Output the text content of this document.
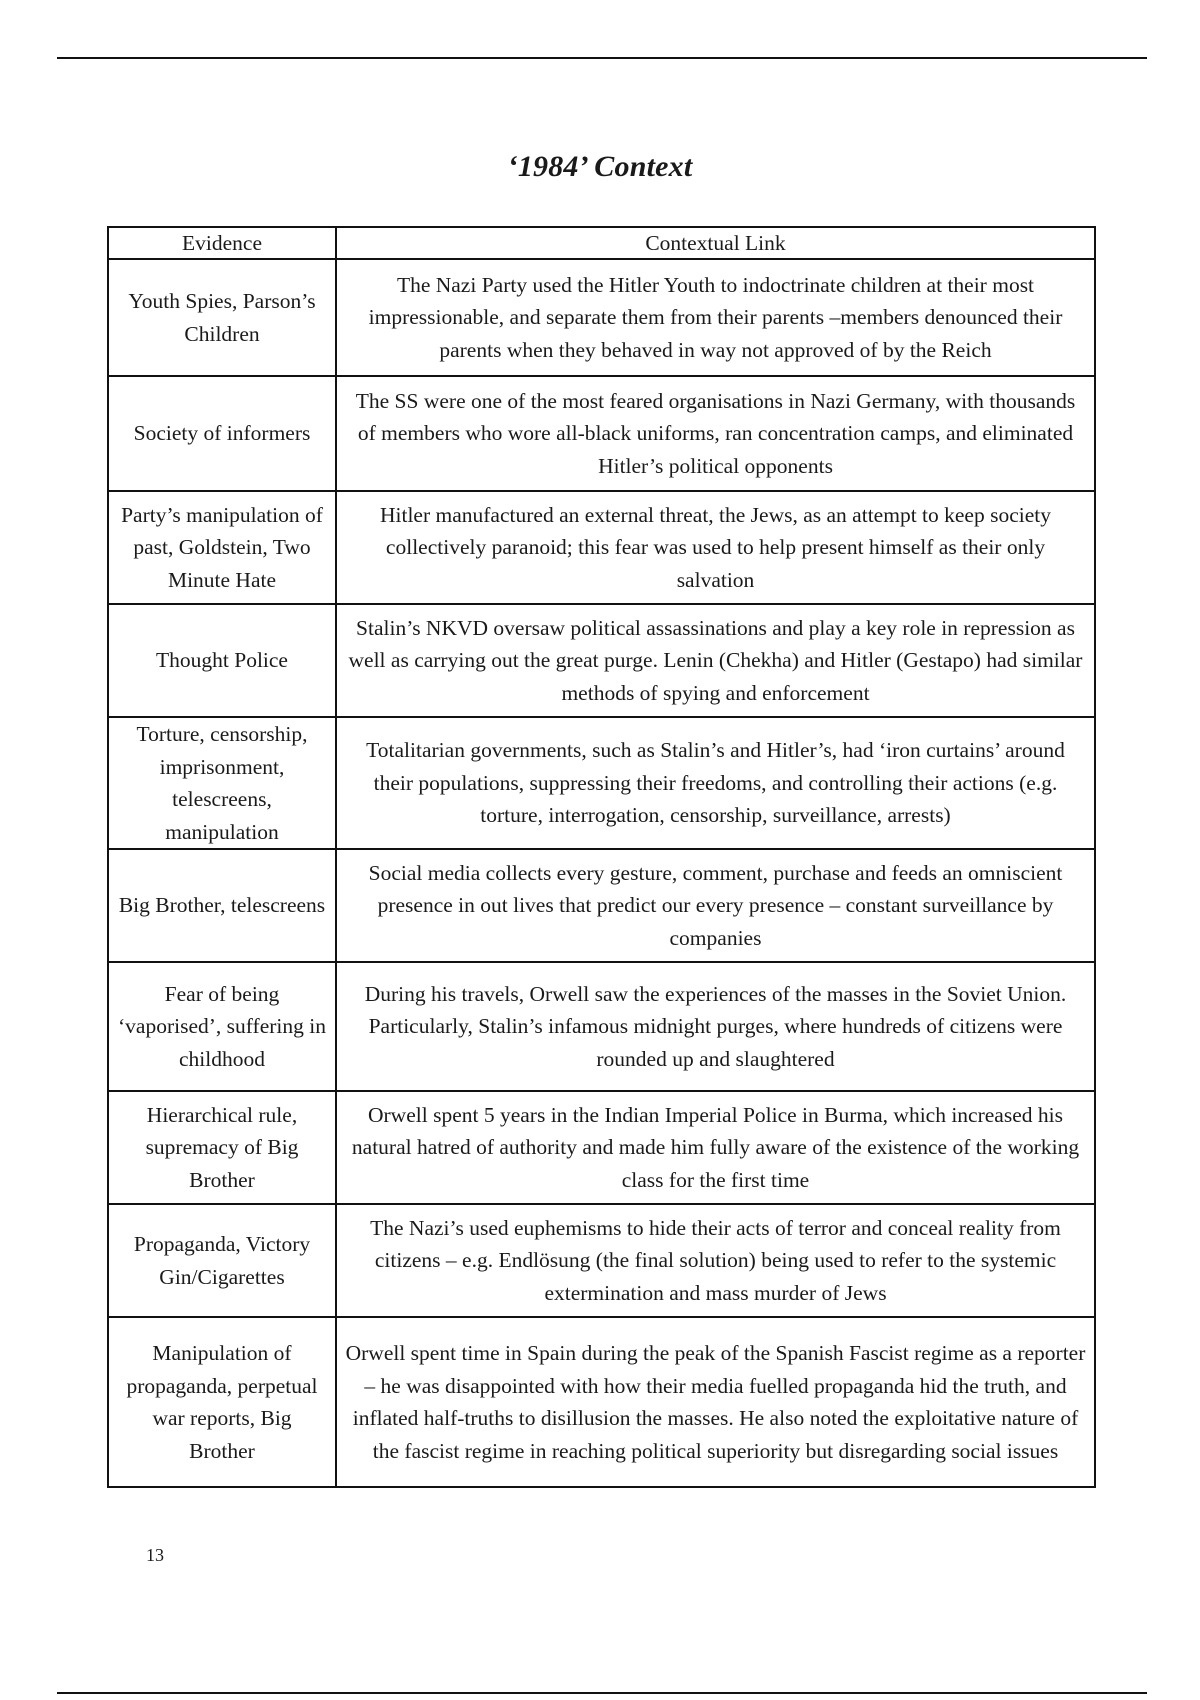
‘1984’ Context
Evidence	Contextual Link
Youth Spies, Parson’s Children	The Nazi Party used the Hitler Youth to indoctrinate children at their most impressionable, and separate them from their parents –members denounced their parents when they behaved in way not approved of by the Reich
Society of informers	The SS were one of the most feared organisations in Nazi Germany, with thousands of members who wore all-black uniforms, ran concentration camps, and eliminated Hitler’s political opponents
Party’s manipulation of past, Goldstein, Two Minute Hate	Hitler manufactured an external threat, the Jews, as an attempt to keep society collectively paranoid; this fear was used to help present himself as their only salvation
Thought Police	Stalin’s NKVD oversaw political assassinations and play a key role in repression as well as carrying out the great purge. Lenin (Chekha) and Hitler (Gestapo) had similar methods of spying and enforcement
Torture, censorship, imprisonment, telescreens, manipulation	Totalitarian governments, such as Stalin’s and Hitler’s, had ‘iron curtains’ around their populations, suppressing their freedoms, and controlling their actions (e.g. torture, interrogation, censorship, surveillance, arrests)
Big Brother, telescreens	Social media collects every gesture, comment, purchase and feeds an omniscient presence in out lives that predict our every presence – constant surveillance by companies
Fear of being ‘vaporised’, suffering in childhood	During his travels, Orwell saw the experiences of the masses in the Soviet Union. Particularly, Stalin’s infamous midnight purges, where hundreds of citizens were rounded up and slaughtered
Hierarchical rule, supremacy of Big Brother	Orwell spent 5 years in the Indian Imperial Police in Burma, which increased his natural hatred of authority and made him fully aware of the existence of the working class for the first time
Propaganda, Victory Gin/Cigarettes	The Nazi’s used euphemisms to hide their acts of terror and conceal reality from citizens – e.g. Endlösung (the final solution) being used to refer to the systemic extermination and mass murder of Jews
Manipulation of propaganda, perpetual war reports, Big Brother	Orwell spent time in Spain during the peak of the Spanish Fascist regime as a reporter – he was disappointed with how their media fuelled propaganda hid the truth, and inflated half-truths to disillusion the masses. He also noted the exploitative nature of the fascist regime in reaching political superiority but disregarding social issues
13
